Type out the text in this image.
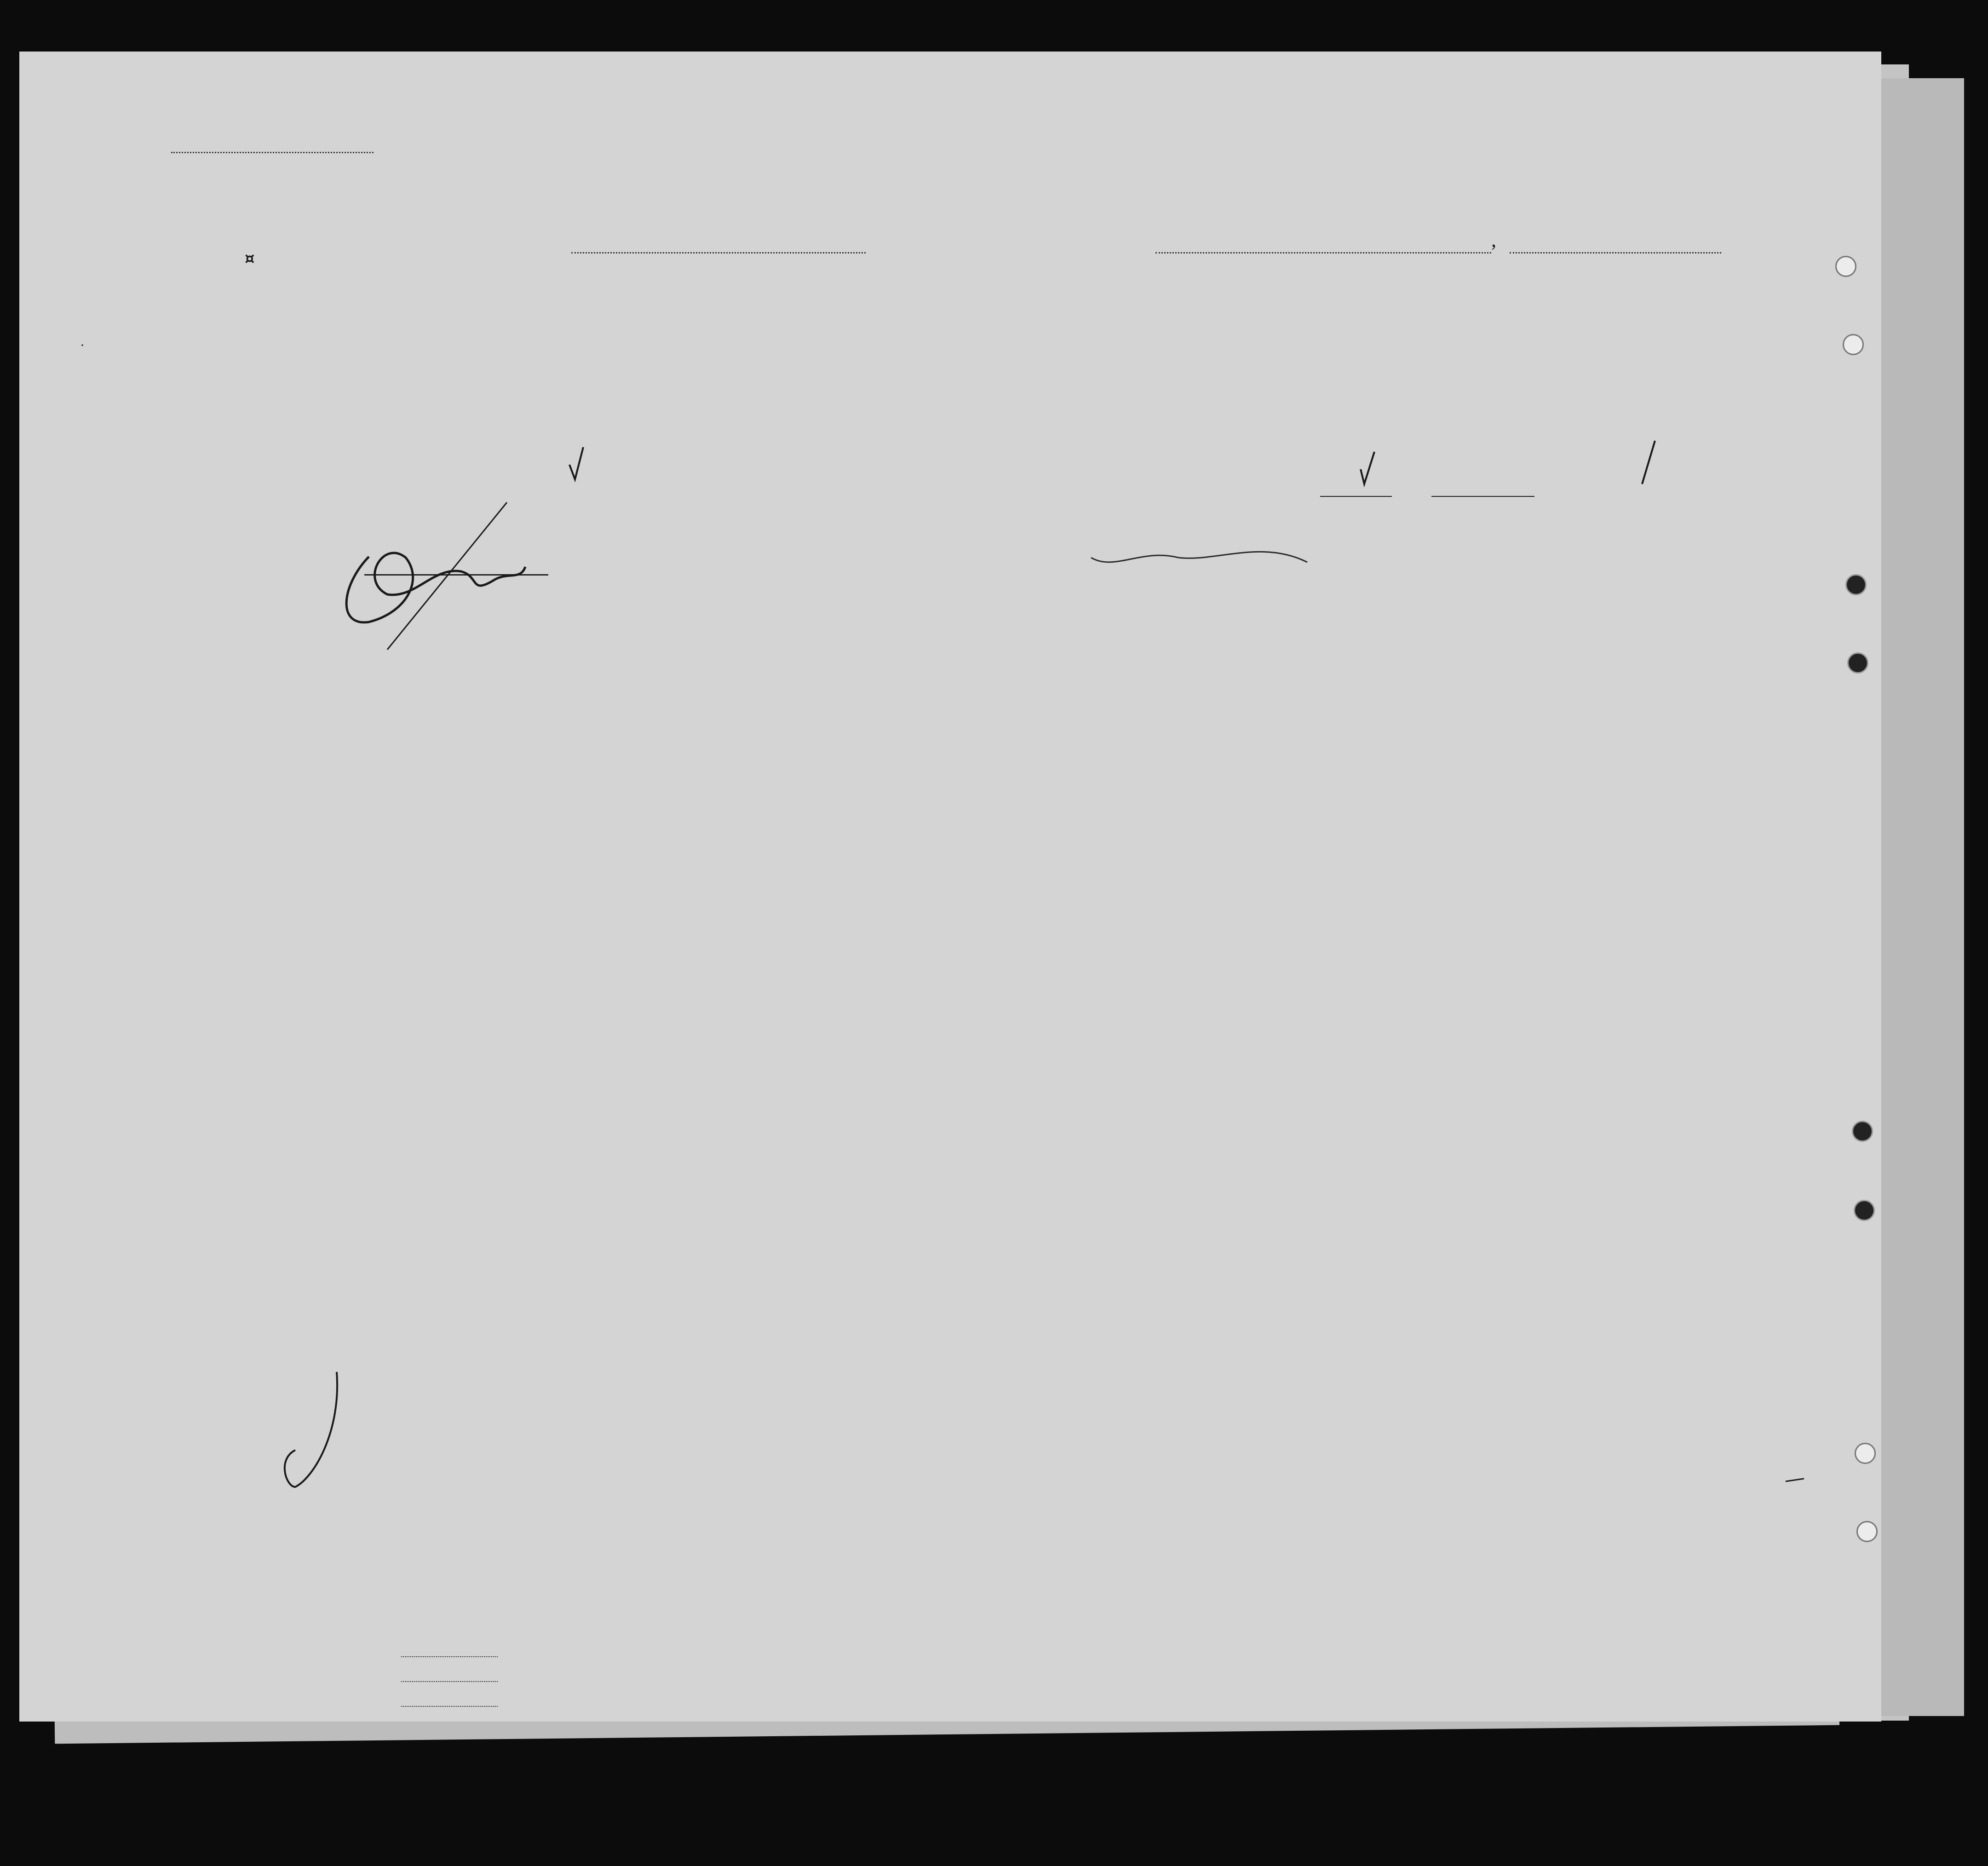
,
¤
·
